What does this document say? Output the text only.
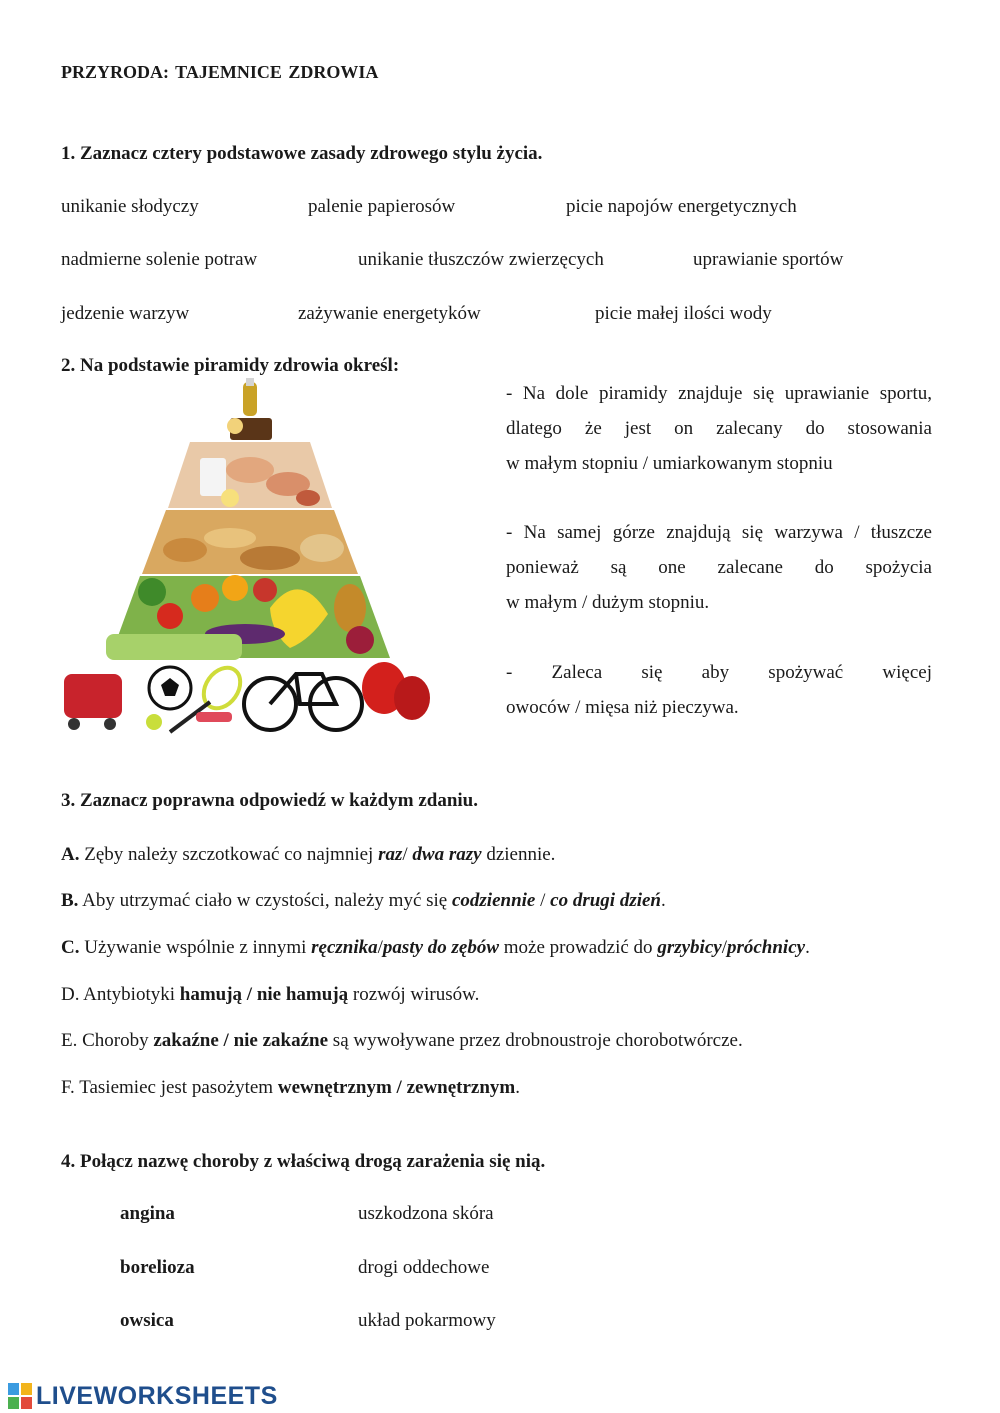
PRZYRODA: TAJEMNICE ZDROWIA
1. Zaznacz cztery podstawowe zasady zdrowego stylu życia.
unikanie słodyczy	palenie papierosów	picie napojów energetycznych
nadmierne solenie potraw	unikanie tłuszczów zwierzęcych	uprawianie sportów
jedzenie warzyw	zażywanie energetyków	picie małej ilości wody
2. Na podstawie piramidy zdrowia określ:
- Na dole piramidy znajduje się uprawianie sportu,
dlatego że jest on zalecany do stosowania
w małym stopniu / umiarkowanym stopniu
- Na samej górze znajdują się warzywa / tłuszcze
ponieważ są one zalecane do spożycia
w małym / dużym stopniu.
- Zaleca się aby spożywać więcej
owoców / mięsa niż pieczywa.
3. Zaznacz poprawna odpowiedź w każdym zdaniu.
A. Zęby należy szczotkować co najmniej raz/ dwa razy dziennie.
B. Aby utrzymać ciało w czystości, należy myć się codziennie / co drugi dzień.
C. Używanie wspólnie z innymi ręcznika/pasty do zębów może prowadzić do grzybicy/próchnicy.
D. Antybiotyki hamują / nie hamują rozwój wirusów.
E. Choroby zakaźne / nie zakaźne są wywoływane przez drobnoustroje chorobotwórcze.
F. Tasiemiec jest pasożytem wewnętrznym / zewnętrznym.
4. Połącz nazwę choroby z właściwą drogą zarażenia się nią.
angina	uszkodzona skóra
borelioza	drogi oddechowe
owsica	układ pokarmowy
LIVEWORKSHEETS
